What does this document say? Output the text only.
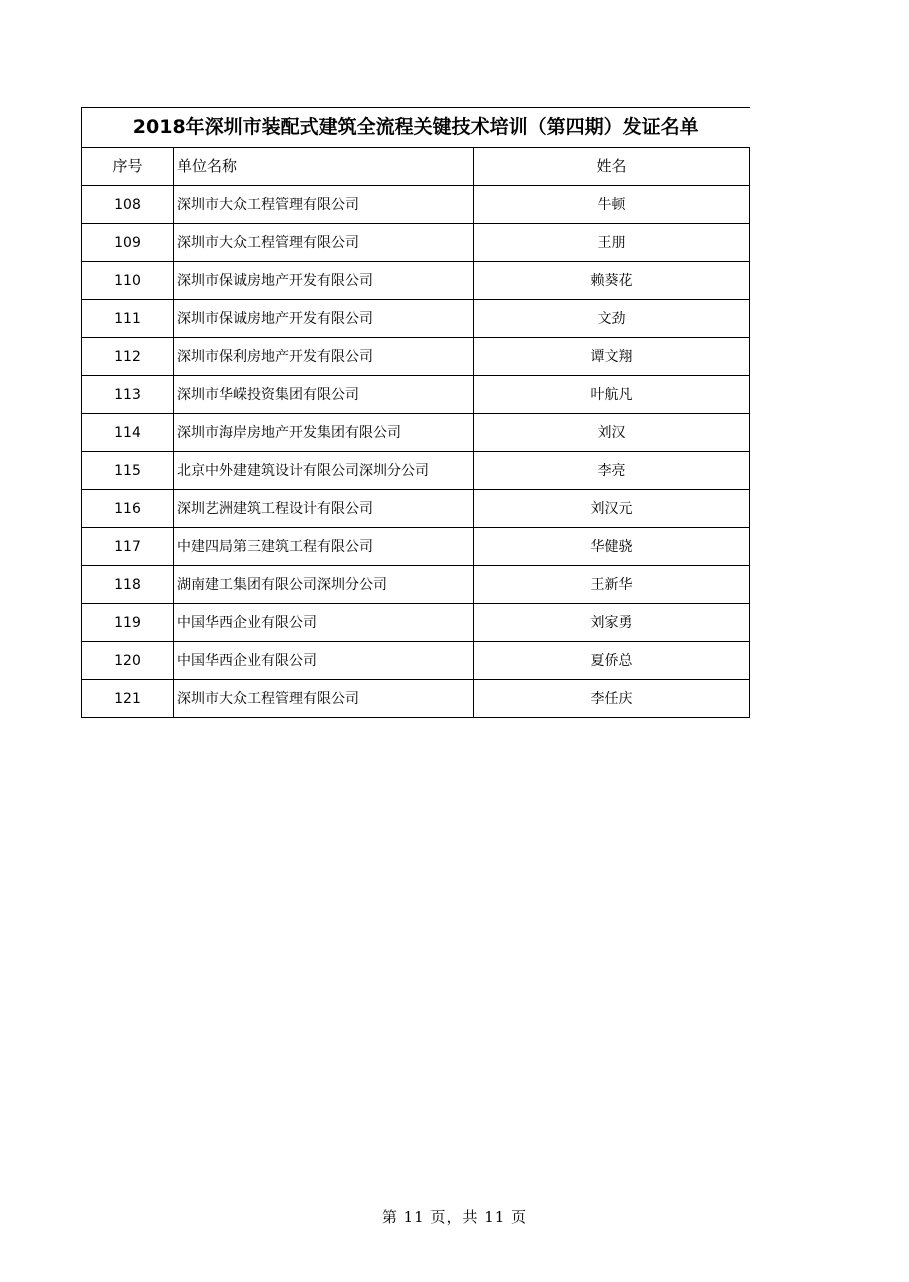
2018年深圳市装配式建筑全流程关键技术培训（第四期）发证名单		
序号	单位名称	姓名
108	深圳市大众工程管理有限公司	牛顿
109	深圳市大众工程管理有限公司	王朋
110	深圳市保诚房地产开发有限公司	赖葵花
111	深圳市保诚房地产开发有限公司	文劲
112	深圳市保利房地产开发有限公司	谭文翔
113	深圳市华嵘投资集团有限公司	叶航凡
114	深圳市海岸房地产开发集团有限公司	刘汉
115	北京中外建建筑设计有限公司深圳分公司	李亮
116	深圳艺洲建筑工程设计有限公司	刘汉元
117	中建四局第三建筑工程有限公司	华健骁
118	湖南建工集团有限公司深圳分公司	王新华
119	中国华西企业有限公司	刘家勇
120	中国华西企业有限公司	夏侨总
121	深圳市大众工程管理有限公司	李任庆
第 11 页，共 11 页
